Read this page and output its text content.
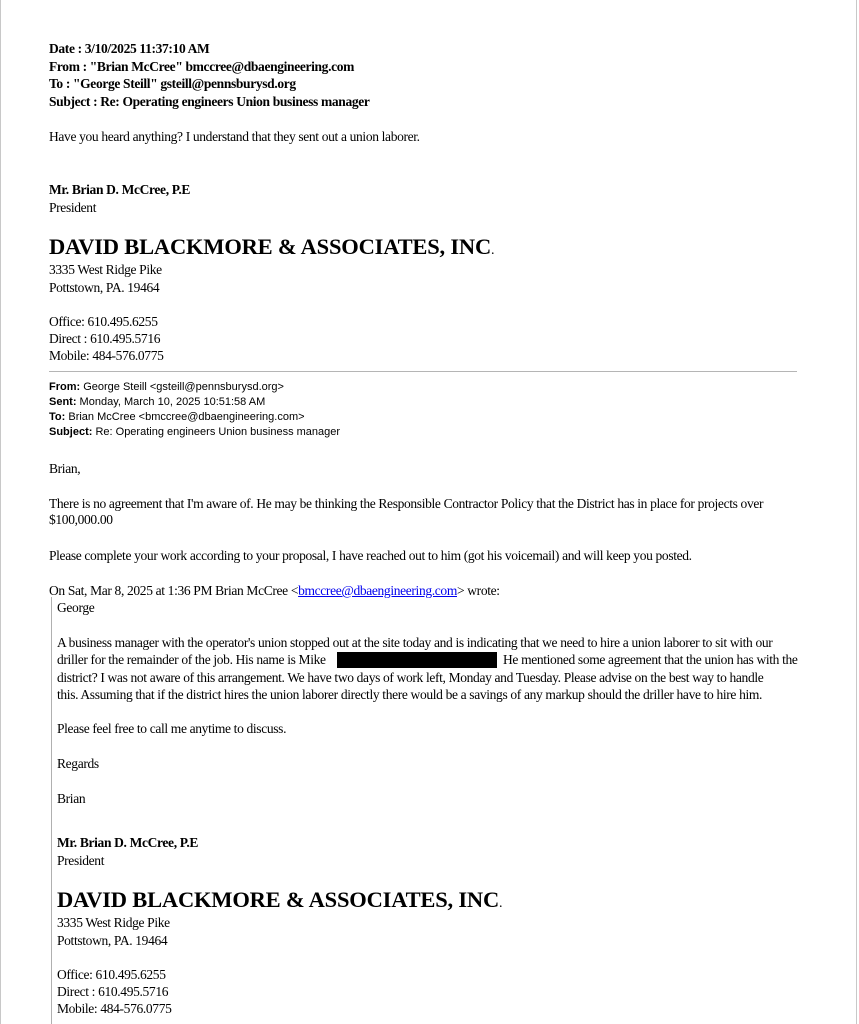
Date : 3/10/2025 11:37:10 AM
From : "Brian McCree" bmccree@dbaengineering.com
To : "George Steill" gsteill@pennsburysd.org
Subject : Re: Operating engineers Union business manager
Have you heard anything? I understand that they sent out a union laborer.
Mr. Brian D. McCree, P.E
President
DAVID BLACKMORE & ASSOCIATES, INC.
3335 West Ridge Pike
Pottstown, PA. 19464
Office: 610.495.6255
Direct : 610.495.5716
Mobile: 484-576.0775
From: George Steill <gsteill@pennsburysd.org>
Sent: Monday, March 10, 2025 10:51:58 AM
To: Brian McCree <bmccree@dbaengineering.com>
Subject: Re: Operating engineers Union business manager
Brian,
There is no agreement that I'm aware of. He may be thinking the Responsible Contractor Policy that the District has in place for projects over $100,000.00
Please complete your work according to your proposal, I have reached out to him (got his voicemail) and will keep you posted.
On Sat, Mar 8, 2025 at 1:36 PM Brian McCree <bmccree@dbaengineering.com> wrote:
George
A business manager with the operator's union stopped out at the site today and is indicating that we need to hire a union laborer to sit with our
driller for the remainder of the job. His name is Mike	He mentioned some agreement that the union has with the
district? I was not aware of this arrangement. We have two days of work left, Monday and Tuesday. Please advise on the best way to handle
this. Assuming that if the district hires the union laborer directly there would be a savings of any markup should the driller have to hire him.
Please feel free to call me anytime to discuss.
Regards
Brian
Mr. Brian D. McCree, P.E
President
DAVID BLACKMORE & ASSOCIATES, INC.
3335 West Ridge Pike
Pottstown, PA. 19464
Office: 610.495.6255
Direct : 610.495.5716
Mobile: 484-576.0775
